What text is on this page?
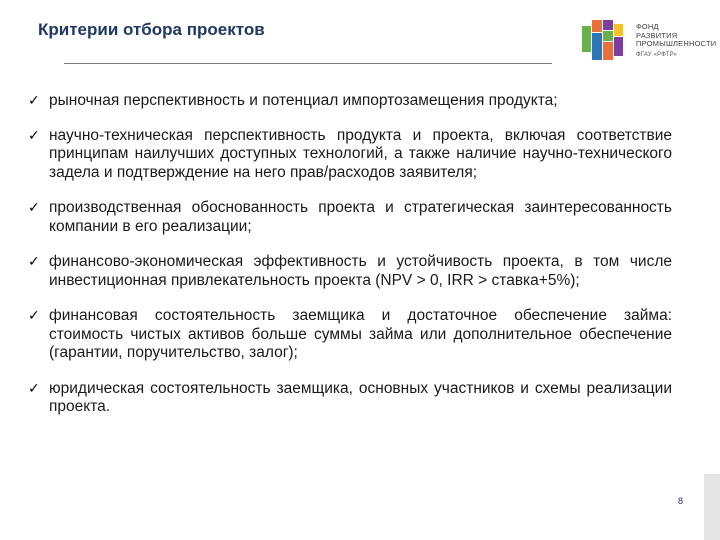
Критерии отбора проектов	ФОНД
РАЗВИТИЯ
ПРОМЫШЛЕННОСТИ
ФГАУ «РФТР»
✓ рыночная перспективность и потенциал импортозамещения продукта;
✓ научно-техническая перспективность продукта и проекта, включая соответствие принципам наилучших доступных технологий, а также наличие научно-технического задела и подтверждение на него прав/расходов заявителя;
✓ производственная обоснованность проекта и стратегическая заинтересованность компании в его реализации;
✓ финансово-экономическая эффективность и устойчивость проекта, в том числе инвестиционная привлекательность проекта (NPV > 0, IRR > ставка+5%);
✓ финансовая состоятельность заемщика и достаточное обеспечение займа: стоимость чистых активов больше суммы займа или дополнительное обеспечение (гарантии, поручительство, залог);
✓ юридическая состоятельность заемщика, основных участников и схемы реализации проекта.
8
